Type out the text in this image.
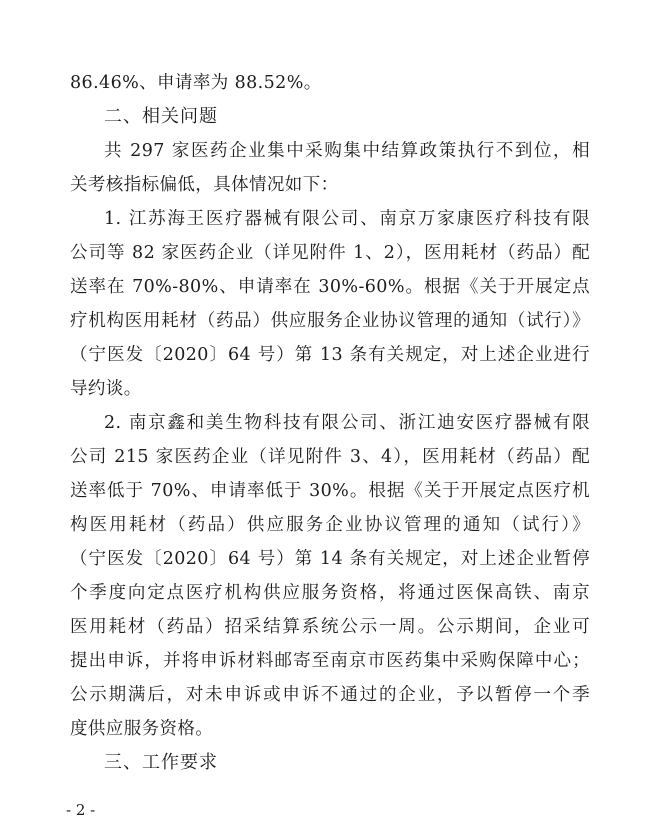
86.46%、申请率为 88.52%。
二、相关问题
共 297 家医药企业集中采购集中结算政策执行不到位，相
关考核指标偏低，具体情况如下：
1. 江苏海王医疗器械有限公司、南京万家康医疗科技有限
公司等 82 家医药企业（详见附件 1、2），医用耗材（药品）配
送率在 70%-80%、申请率在 30%-60%。根据《关于开展定点
疗机构医用耗材（药品）供应服务企业协议管理的通知（试行）》
（宁医发〔2020〕64 号）第 13 条有关规定，对上述企业进行
导约谈。
2. 南京鑫和美生物科技有限公司、浙江迪安医疗器械有限
公司 215 家医药企业（详见附件 3、4），医用耗材（药品）配
送率低于 70%、申请率低于 30%。根据《关于开展定点医疗机
构医用耗材（药品）供应服务企业协议管理的通知（试行）》
（宁医发〔2020〕64 号）第 14 条有关规定，对上述企业暂停
个季度向定点医疗机构供应服务资格，将通过医保高铁、南京
医用耗材（药品）招采结算系统公示一周。公示期间，企业可
提出申诉，并将申诉材料邮寄至南京市医药集中采购保障中心；
公示期满后，对未申诉或申诉不通过的企业，予以暂停一个季
度供应服务资格。
三、工作要求
- 2 -
